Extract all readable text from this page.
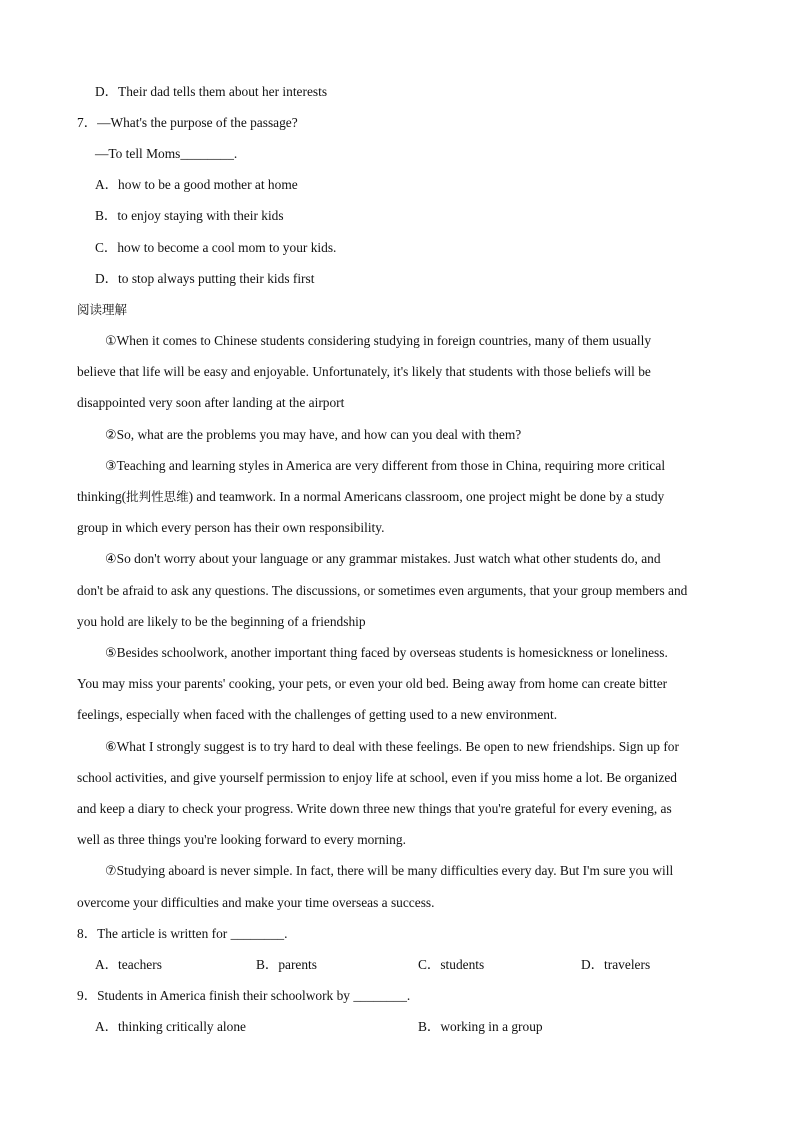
D．Their dad tells them about her interests
7．—What's the purpose of the passage?
—To tell Moms________.
A．how to be a good mother at home
B．to enjoy staying with their kids
C．how to become a cool mom to your kids.
D．to stop always putting their kids first
阅读理解
①When it comes to Chinese students considering studying in foreign countries, many of them usually
believe that life will be easy and enjoyable. Unfortunately, it's likely that students with those beliefs will be
disappointed very soon after landing at the airport
②So, what are the problems you may have, and how can you deal with them?
③Teaching and learning styles in America are very different from those in China, requiring more critical
thinking(批判性思维) and teamwork. In a normal Americans classroom, one project might be done by a study
group in which every person has their own responsibility.
④So don't worry about your language or any grammar mistakes. Just watch what other students do, and
don't be afraid to ask any questions. The discussions, or sometimes even arguments, that your group members and
you hold are likely to be the beginning of a friendship
⑤Besides schoolwork, another important thing faced by overseas students is homesickness or loneliness.
You may miss your parents' cooking, your pets, or even your old bed. Being away from home can create bitter
feelings, especially when faced with the challenges of getting used to a new environment.
⑥What I strongly suggest is to try hard to deal with these feelings. Be open to new friendships. Sign up for
school activities, and give yourself permission to enjoy life at school, even if you miss home a lot. Be organized
and keep a diary to check your progress. Write down three new things that you're grateful for every evening, as
well as three things you're looking forward to every morning.
⑦Studying aboard is never simple. In fact, there will be many difficulties every day. But I'm sure you will
overcome your difficulties and make your time overseas a success.
8．The article is written for ________.
A．teachers	B．parents	C．students	D．travelers
9．Students in America finish their schoolwork by ________.
A．thinking critically alone	B．working in a group
